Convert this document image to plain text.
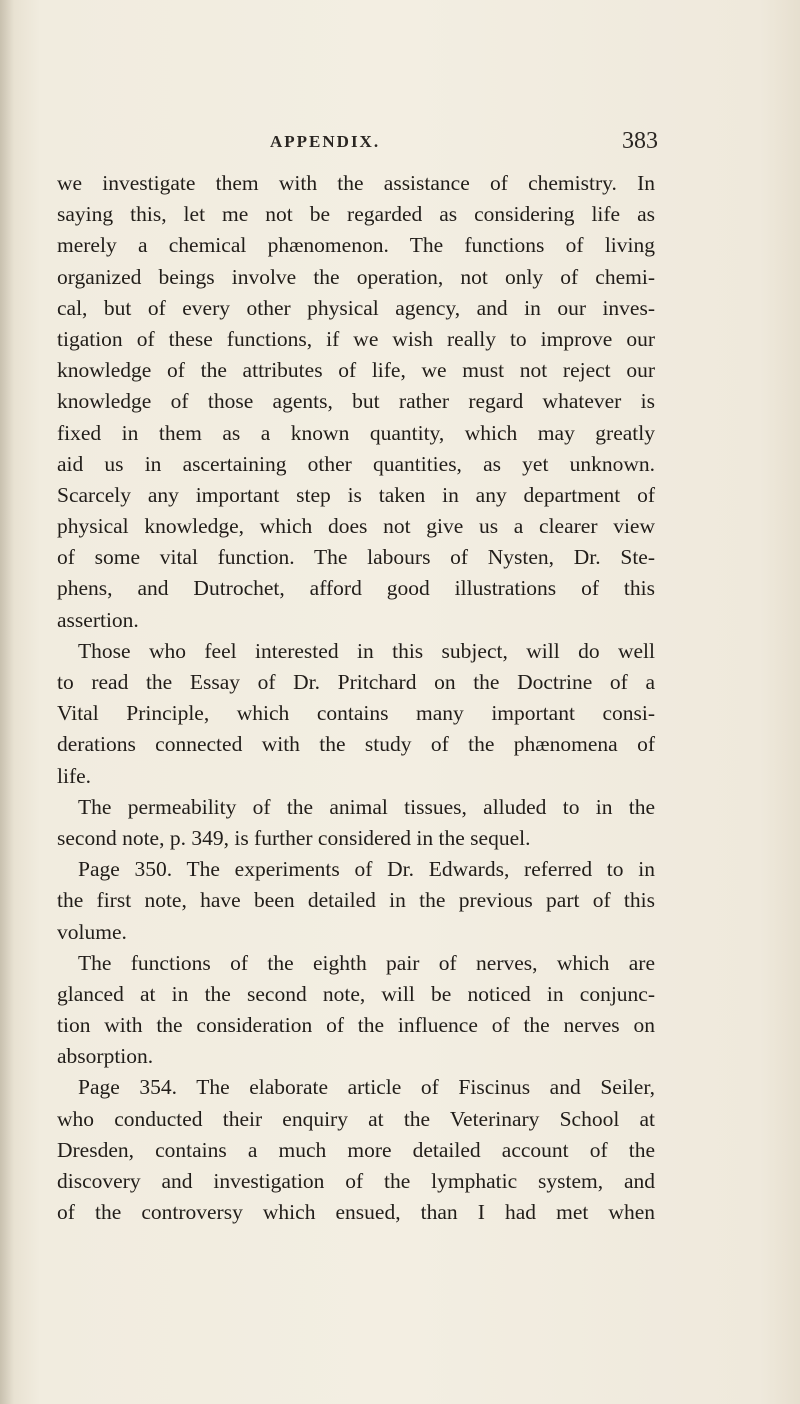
APPENDIX.	383
we investigate them with the assistance of chemistry. In
saying this, let me not be regarded as considering life as
merely a chemical phænomenon. The functions of living
organized beings involve the operation, not only of chemi-
cal, but of every other physical agency, and in our inves-
tigation of these functions, if we wish really to improve our
knowledge of the attributes of life, we must not reject our
knowledge of those agents, but rather regard whatever is
fixed in them as a known quantity, which may greatly
aid us in ascertaining other quantities, as yet unknown.
Scarcely any important step is taken in any department of
physical knowledge, which does not give us a clearer view
of some vital function. The labours of Nysten, Dr. Ste-
phens, and Dutrochet, afford good illustrations of this
assertion.
Those who feel interested in this subject, will do well
to read the Essay of Dr. Pritchard on the Doctrine of a
Vital Principle, which contains many important consi-
derations connected with the study of the phænomena of
life.
The permeability of the animal tissues, alluded to in the
second note, p. 349, is further considered in the sequel.
Page 350. The experiments of Dr. Edwards, referred to in
the first note, have been detailed in the previous part of this
volume.
The functions of the eighth pair of nerves, which are
glanced at in the second note, will be noticed in conjunc-
tion with the consideration of the influence of the nerves on
absorption.
Page 354. The elaborate article of Fiscinus and Seiler,
who conducted their enquiry at the Veterinary School at
Dresden, contains a much more detailed account of the
discovery and investigation of the lymphatic system, and
of the controversy which ensued, than I had met when
